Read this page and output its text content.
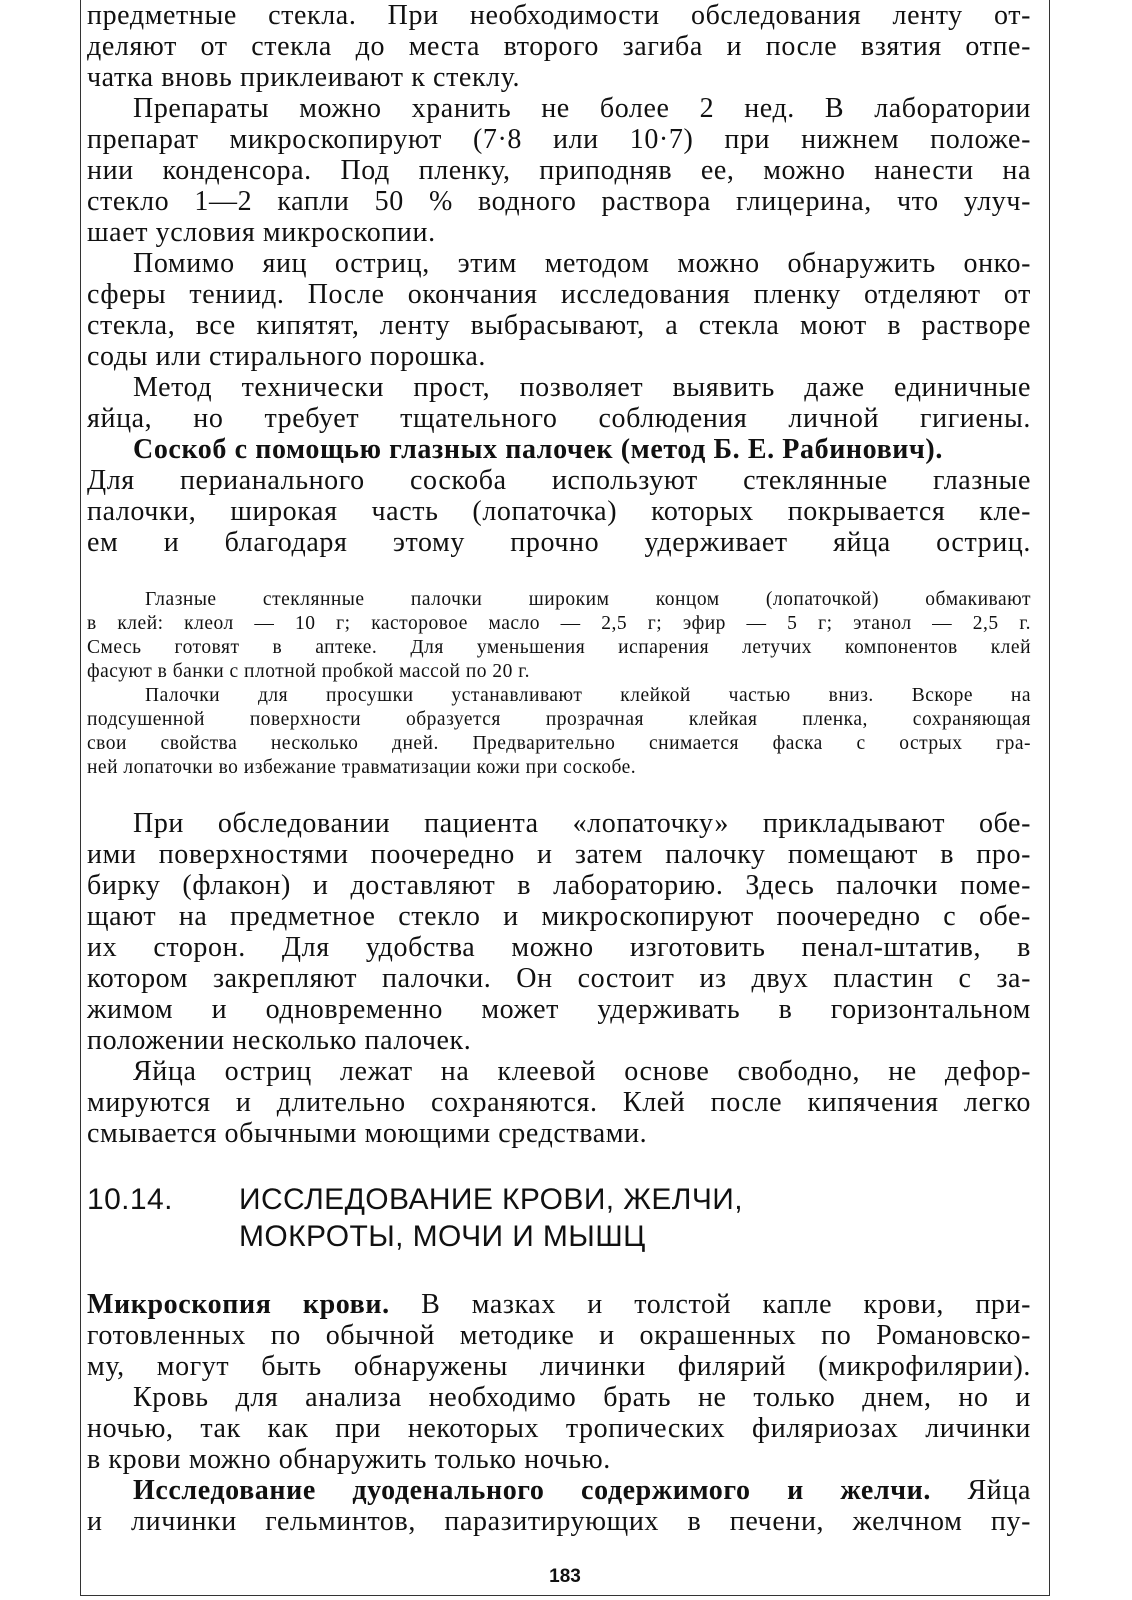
предметные стекла. При необходимости обследования ленту от-

деляют от стекла до места второго загиба и после взятия отпе-

чатка вновь приклеивают к стеклу.

Препараты можно хранить не более 2 нед. В лаборатории

препарат микроскопируют (7·8 или 10·7) при нижнем положе-

нии конденсора. Под пленку, приподняв ее, можно нанести на

стекло 1—2 капли 50 % водного раствора глицерина, что улуч-

шает условия микроскопии.

Помимо яиц остриц, этим методом можно обнаружить онко-

сферы тениид. После окончания исследования пленку отделяют от

стекла, все кипятят, ленту выбрасывают, а стекла моют в растворе

соды или стирального порошка.

Метод технически прост, позволяет выявить даже единичные

яйца, но требует тщательного соблюдения личной гигиены.

Соскоб с помощью глазных палочек (метод Б. Е. Рабинович).

Для перианального соскоба используют стеклянные глазные

палочки, широкая часть (лопаточка) которых покрывается кле-

ем и благодаря этому прочно удерживает яйца остриц.

Глазные стеклянные палочки широким концом (лопаточкой) обмакивают

в клей: клеол — 10 г; касторовое масло — 2,5 г; эфир — 5 г; этанол — 2,5 г.

Смесь готовят в аптеке. Для уменьшения испарения летучих компонентов клей

фасуют в банки с плотной пробкой массой по 20 г.

Палочки для просушки устанавливают клейкой частью вниз. Вскоре на

подсушенной поверхности образуется прозрачная клейкая пленка, сохраняющая

свои свойства несколько дней. Предварительно снимается фаска с острых гра-

ней лопаточки во избежание травматизации кожи при соскобе.

При обследовании пациента «лопаточку» прикладывают обе-

ими поверхностями поочередно и затем палочку помещают в про-

бирку (флакон) и доставляют в лабораторию. Здесь палочки поме-

щают на предметное стекло и микроскопируют поочередно с обе-

их сторон. Для удобства можно изготовить пенал-штатив, в

котором закрепляют палочки. Он состоит из двух пластин с за-

жимом и одновременно может удерживать в горизонтальном

положении несколько палочек.

Яйца остриц лежат на клеевой основе свободно, не дефор-

мируются и длительно сохраняются. Клей после кипячения легко

смывается обычными моющими средствами.

10.14.	ИССЛЕДОВАНИЕ КРОВИ, ЖЕЛЧИ,
МОКРОТЫ, МОЧИ И МЫШЦ

Микроскопия крови. В мазках и толстой капле крови, при-

готовленных по обычной методике и окрашенных по Романовско-

му, могут быть обнаружены личинки филярий (микрофилярии).

Кровь для анализа необходимо брать не только днем, но и

ночью, так как при некоторых тропических филяриозах личинки

в крови можно обнаружить только ночью.

Исследование дуоденального содержимого и желчи. Яйца

и личинки гельминтов, паразитирующих в печени, желчном пу-

183
